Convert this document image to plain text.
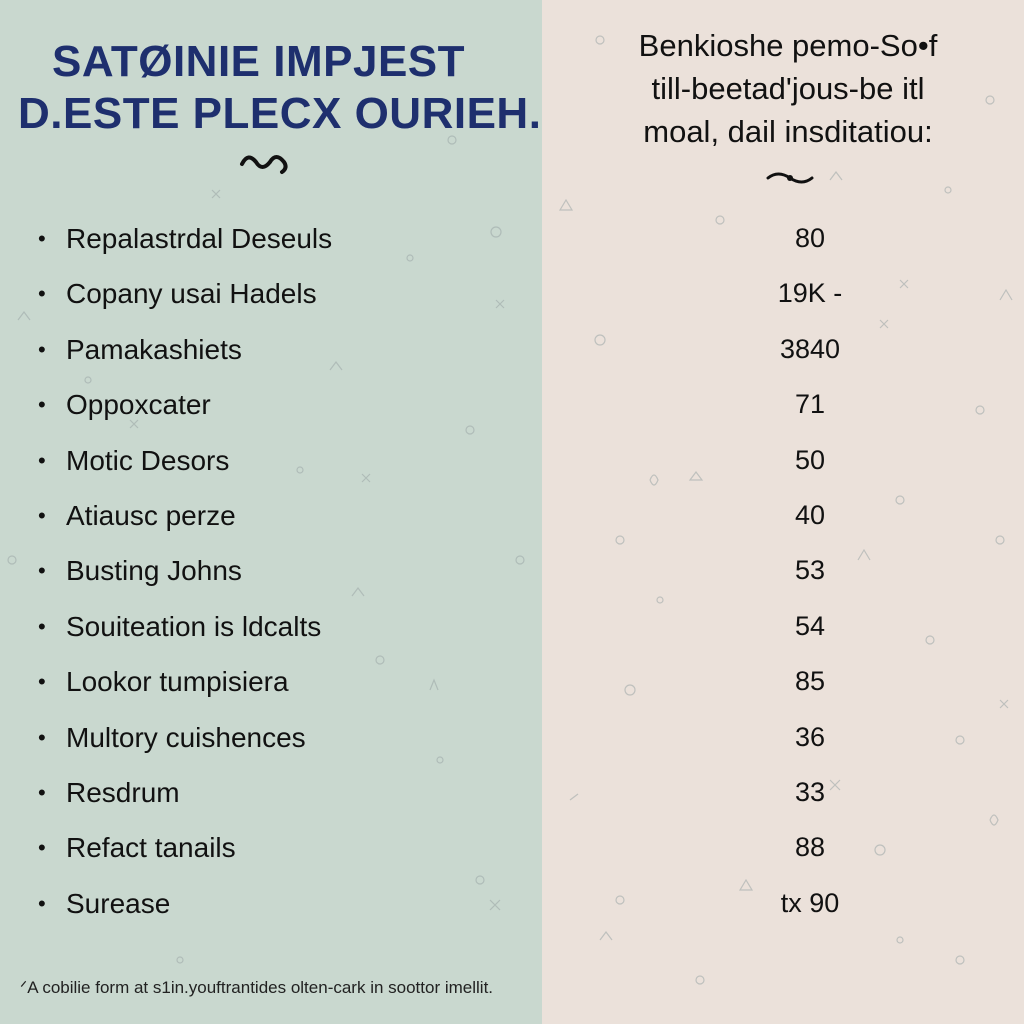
SATØINIE IMPJEST
D.ESTE PLECX OURIEH.
Benkioshe pemo-So•f
till-beetad'jous-be itl
moal, dail insditatiou:
• Repalastrdal Deseuls	80
• Copany usai Hadels	19K -
• Pamakashiets	3840
• Oppoxcater	71
• Motic Desors	50
• Atiausc perze	40
• Busting Johns	53
• Souiteation is ldcalts	54
• Lookor tumpisiera	85
• Multory cuishences	36
• Resdrum	33
• Refact tanails	88
• Surease	tx 90
ᐟA cobilie form at s1in.youftrantides olten-cark in soottor imellit.
